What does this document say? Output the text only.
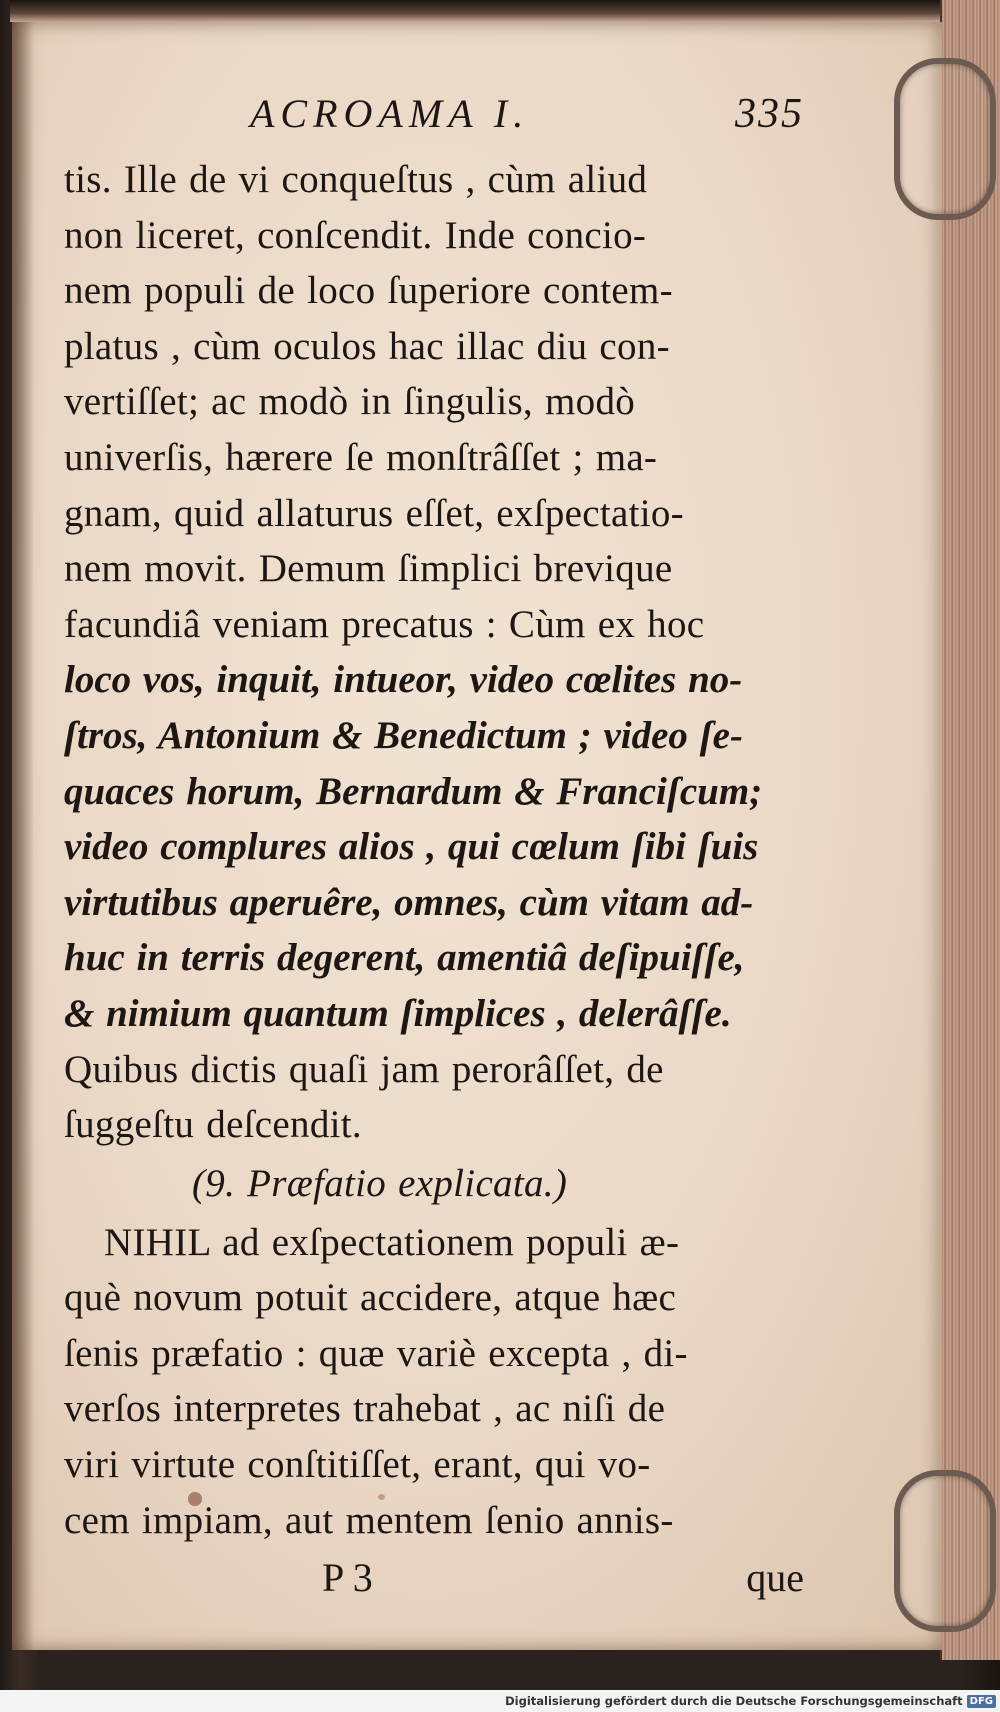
ACROAMA I.	335
tis. Ille de vi conqueſtus , cùm aliud
non liceret, conſcendit. Inde concio-
nem populi de loco ſuperiore contem-
platus , cùm oculos hac illac diu con-
vertiſſet; ac modò in ſingulis, modò
univerſis, hærere ſe monſtrâſſet ; ma-
gnam, quid allaturus eſſet, exſpectatio-
nem movit. Demum ſimplici brevique
facundiâ veniam precatus : Cùm ex hoc
loco vos, inquit, intueor, video cœlites no-
ſtros, Antonium & Benedictum ; video ſe-
quaces horum, Bernardum & Franciſcum;
video complures alios , qui cœlum ſibi ſuis
virtutibus aperuêre, omnes, cùm vitam ad-
huc in terris degerent, amentiâ deſipuiſſe,
& nimium quantum ſimplices , delerâſſe.
Quibus dictis quaſi jam perorâſſet, de
ſuggeſtu deſcendit.
(9. Præfatio explicata.)
NIHIL ad exſpectationem populi æ-
què novum potuit accidere, atque hæc
ſenis præfatio : quæ variè excepta , di-
verſos interpretes trahebat , ac niſi de
viri virtute conſtitiſſet, erant, qui vo-
cem impiam, aut mentem ſenio annis-
P 3	que
Digitalisierung gefördert durch die Deutsche Forschungsgemeinschaft DFG
